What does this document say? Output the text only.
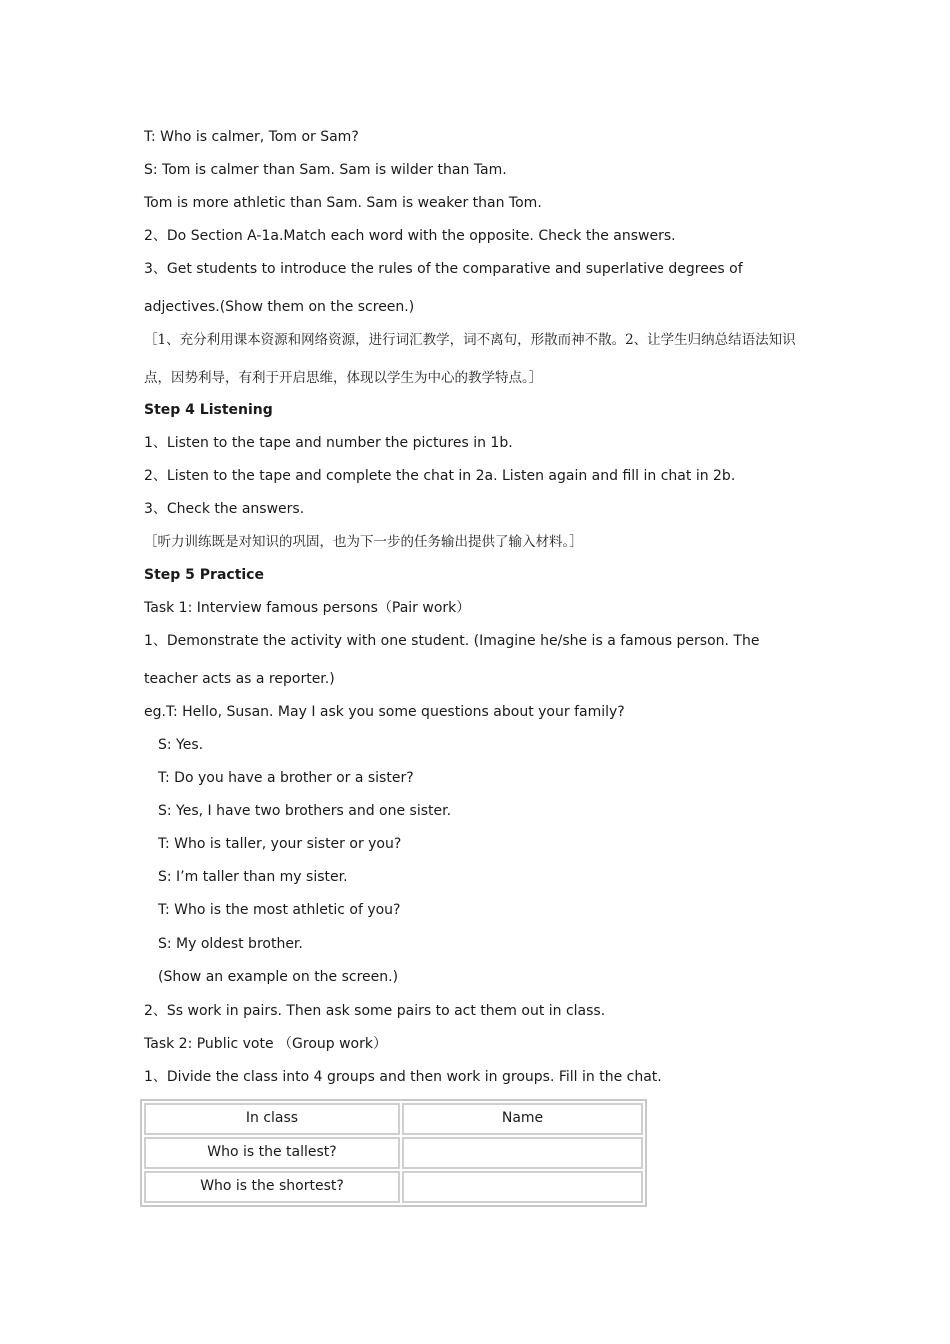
T: Who is calmer, Tom or Sam?
S: Tom is calmer than Sam. Sam is wilder than Tam.
Tom is more athletic than Sam. Sam is weaker than Tom.
2、Do Section A-1a.Match each word with the opposite. Check the answers.
3、Get students to introduce the rules of the comparative and superlative degrees of
adjectives.(Show them on the screen.)
［1、充分利用课本资源和网络资源，进行词汇教学，词不离句，形散而神不散。2、让学生归纳总结语法知识
点，因势利导，有利于开启思维，体现以学生为中心的教学特点。］
Step 4 Listening
1、Listen to the tape and number the pictures in 1b.
2、Listen to the tape and complete the chat in 2a. Listen again and fill in chat in 2b.
3、Check the answers.
［听力训练既是对知识的巩固，也为下一步的任务输出提供了输入材料。］
Step 5 Practice
Task 1: Interview famous persons（Pair work）
1、Demonstrate the activity with one student. (Imagine he/she is a famous person. The
teacher acts as a reporter.)
eg.T: Hello, Susan. May I ask you some questions about your family?
S: Yes.
T: Do you have a brother or a sister?
S: Yes, I have two brothers and one sister.
T: Who is taller, your sister or you?
S: I’m taller than my sister.
T: Who is the most athletic of you?
S: My oldest brother.
(Show an example on the screen.)
2、Ss work in pairs. Then ask some pairs to act them out in class.
Task 2: Public vote （Group work）
1、Divide the class into 4 groups and then work in groups. Fill in the chat.
In class	Name
Who is the tallest?	
Who is the shortest?	
